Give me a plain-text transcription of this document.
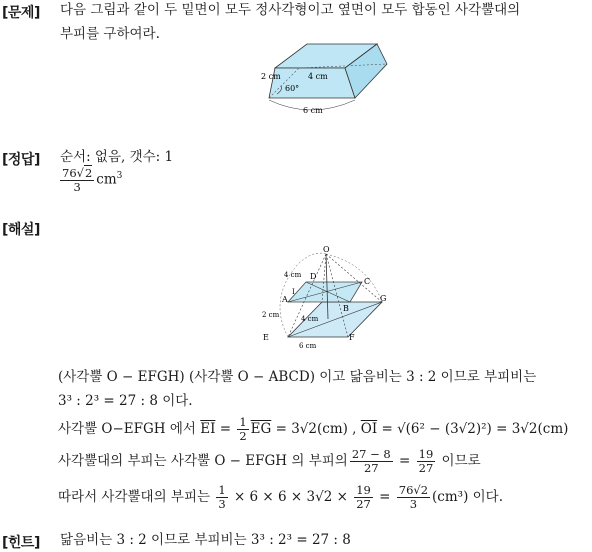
[문제] 다음 그림과 같이 두 밑면이 모두 정사각형이고 옆면이 모두 합동인 사각뿔대의
부피를 구하여라.
4 cm
2 cm
60°
6 cm
[정답] 순서: 없음, 갯수: 1
$\frac{76√2}{3} cm^3$
[해설]
O
A
B
C
D
E	F
G
I
4 cm
2 cm	4 cm
6 cm
(사각뿔 O − EFGH) (사각뿔 O − ABCD) 이고 닮음비는 3 : 2 이므로 부피비는
3³ : 2³ = 27 : 8 이다.
사각뿔 O−EFGH 에서 $\overline{EI} = \frac{1}{2} \overline{EG} = 3√2(cm)$ , $\overline{OI} = √(6^2 - (3√2)^2) = 3√2(cm)$
사각뿔대의 부피는 사각뿔 O − EFGH 의 부피의 $\frac{27 - 8}{27} = \frac{19}{27}$ 이므로
따라서 사각뿔대의 부피는 $\frac{1}{3} \times 6 \times 6 \times 3√2 \times \frac{19}{27} = \frac{76√2}{3} (cm^3)$ 이다.
[힌트] 닮음비는 3 : 2 이므로 부피비는 3³ : 2³ = 27 : 8
